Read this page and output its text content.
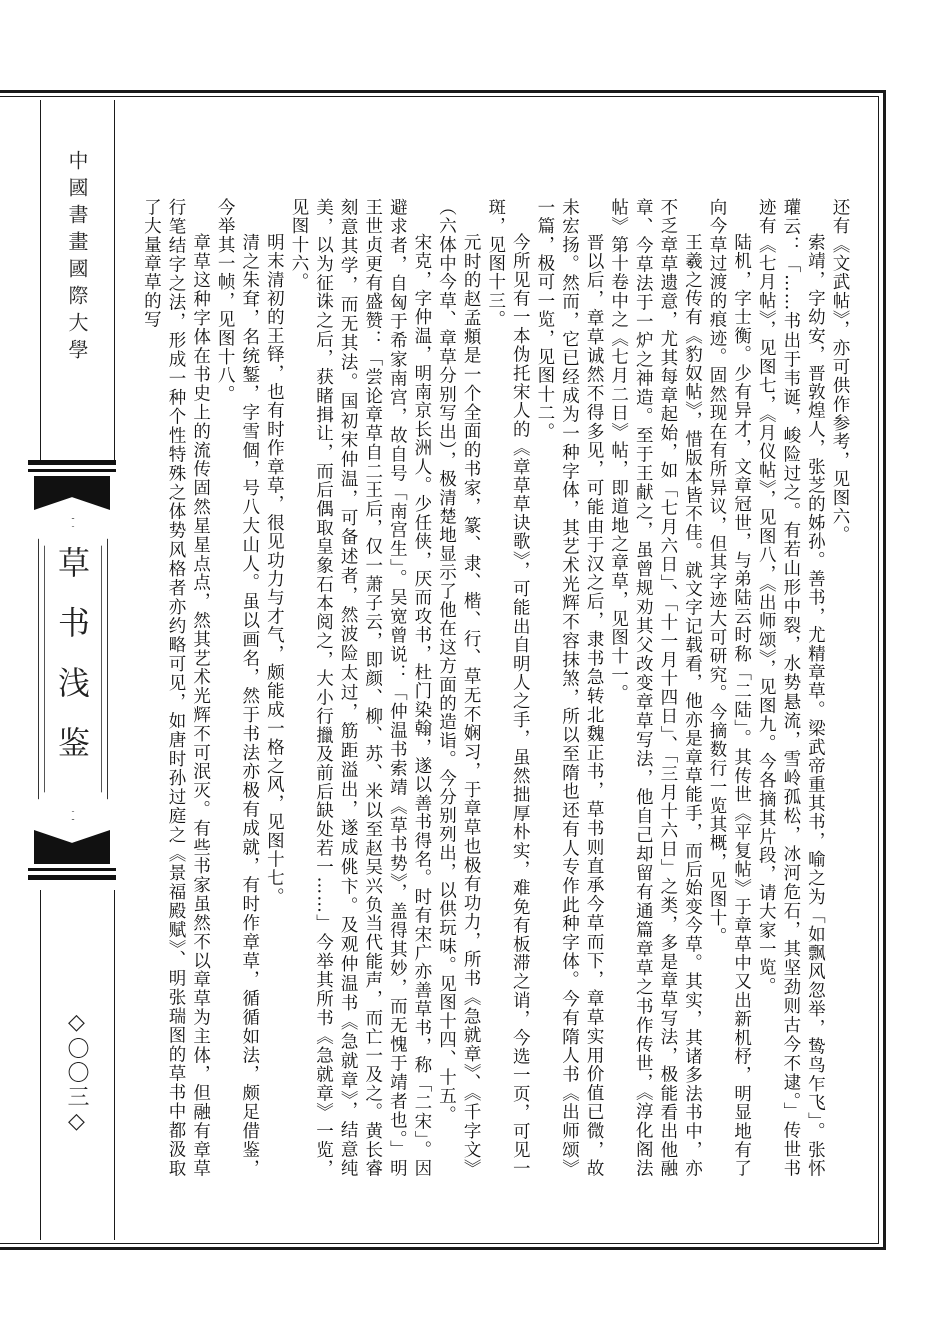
中國書畫國際大學
草书浅鉴
◇〇〇三◇

还有《文武帖》，亦可供作参考，见图六。

索靖，字幼安，晋敦煌人，张芝的姊孙。善书，尤精章草。梁武帝重其书，喻之为「如飘风忽举，鸷鸟乍飞」。张怀瓘云：「……书出于韦诞，峻险过之。有若山形中裂，水势悬流，雪岭孤松，冰河危石，其坚劲则古今不逮。」传世书迹有《七月帖》，见图七，《月仪帖》，见图八，《出师颂》，见图九。今各摘其片段，请大家一览。

陆机，字士衡。少有异才，文章冠世，与弟陆云时称「二陆」。其传世《平复帖》于章草中又出新机杼，明显地有了向今草过渡的痕迹。固然现在有所异议，但其字迹大可研究。今摘数行一览其概，见图十。

王羲之传有《豹奴帖》，惜版本皆不佳。就文字记载看，他亦是章草能手，而后始变今草。其实，其诸多法书中，亦不乏章草遗意，尤其每章起始，如「七月六日」、「十一月十四日」、「三月十六日」之类，多是章草写法，极能看出他融章、今草法于一炉之神造。至于王献之，虽曾规劝其父改变章草写法，他自己却留有通篇章草之书作传世，《淳化阁法帖》第十卷中之《七月二日》帖，即道地之章草，见图十一。

晋以后，章草诚然不得多见，可能由于汉之后，隶书急转北魏正书，草书则直承今草而下，章草实用价值已微，故未宏扬。然而，它已经成为一种字体，其艺术光辉不容抹煞，所以至隋也还有人专作此种字体。今有隋人书《出师颂》一篇，极可一览，见图十二。

今所见有一本伪托宋人的《章草草诀歌》，可能出自明人之手，虽然拙厚朴实，难免有板滞之诮，今选一页，可见一斑，见图十三。

元时的赵孟頫是一个全面的书家，篆、隶、楷、行、草无不娴习，于章草也极有功力，所书《急就章》、《千字文》（六体中今草、章草分别写出），极清楚地显示了他在这方面的造诣。今分别列出，以供玩味。见图十四、十五。

宋克，字仲温，明南京长洲人。少任侠，厌而攻书，杜门染翰，遂以善书得名。时有宋广亦善草书，称「二宋」。因避求者，自匈于希家南宫，故自号「南宫生」。吴宽曾说：「仲温书索靖《草书势》，盖得其妙，而无愧于靖者也。」明王世贞更有盛赞：「尝论章草自二王后，仅一萧子云，即颜、柳、苏、米以至赵吴兴负当代能声，而亡一及之。黄长睿刻意其学，而无其法。国初宋仲温，可备述者，然波险太过，筋距溢出，遂成佻卞。及观仲温书《急就章》，结意纯美，以为征诛之后，获睹揖让，而后偶取皇象石本阅之，大小行擸及前后缺处若一……」今举其所书《急就章》一览，见图十六。

明末清初的王铎，也有时作章草，很见功力与才气，颇能成一格之风，见图十七。

清之朱耷，名统錾，字雪個，号八大山人。虽以画名，然于书法亦极有成就，有时作章草，循循如法，颇足借鉴，今举其一帧，见图十八。

章草这种字体在书史上的流传固然星星点点，然其艺术光辉不可泯灭。有些书家虽然不以章草为主体，但融有章草行笔结字之法，形成一种个性特殊之体势风格者亦约略可见，如唐时孙过庭之《景福殿赋》、明张瑞图的草书中都汲取了大量章草的写
